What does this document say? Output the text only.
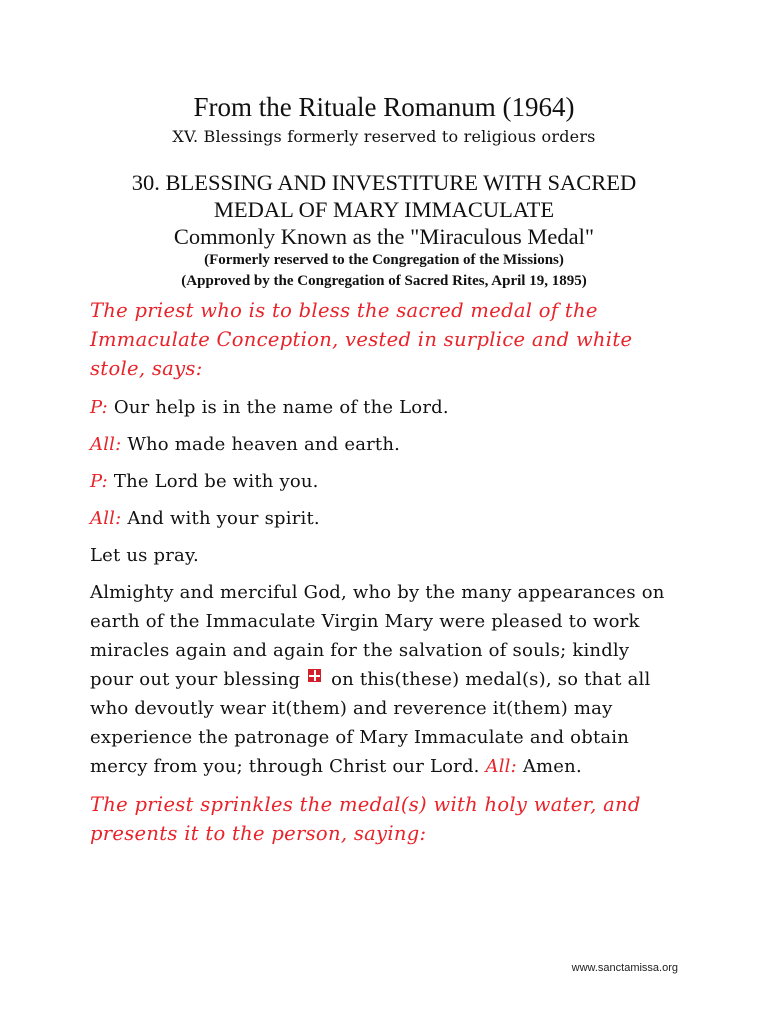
From the Rituale Romanum (1964)

XV. Blessings formerly reserved to religious orders

30. BLESSING AND INVESTITURE WITH SACRED

MEDAL OF MARY IMMACULATE

Commonly Known as the "Miraculous Medal"

(Formerly reserved to the Congregation of the Missions)

(Approved by the Congregation of Sacred Rites, April 19, 1895)

The priest who is to bless the sacred medal of the Immaculate Conception, vested in surplice and white stole, says:

P: Our help is in the name of the Lord.

All: Who made heaven and earth.

P: The Lord be with you.

All: And with your spirit.

Let us pray.

Almighty and merciful God, who by the many appearances on earth of the Immaculate Virgin Mary were pleased to work miracles again and again for the salvation of souls; kindly pour out your blessing on this(these) medal(s), so that all who devoutly wear it(them) and reverence it(them) may experience the patronage of Mary Immaculate and obtain mercy from you; through Christ our Lord. All: Amen.

The priest sprinkles the medal(s) with holy water, and presents it to the person, saying:

www.sanctamissa.org
